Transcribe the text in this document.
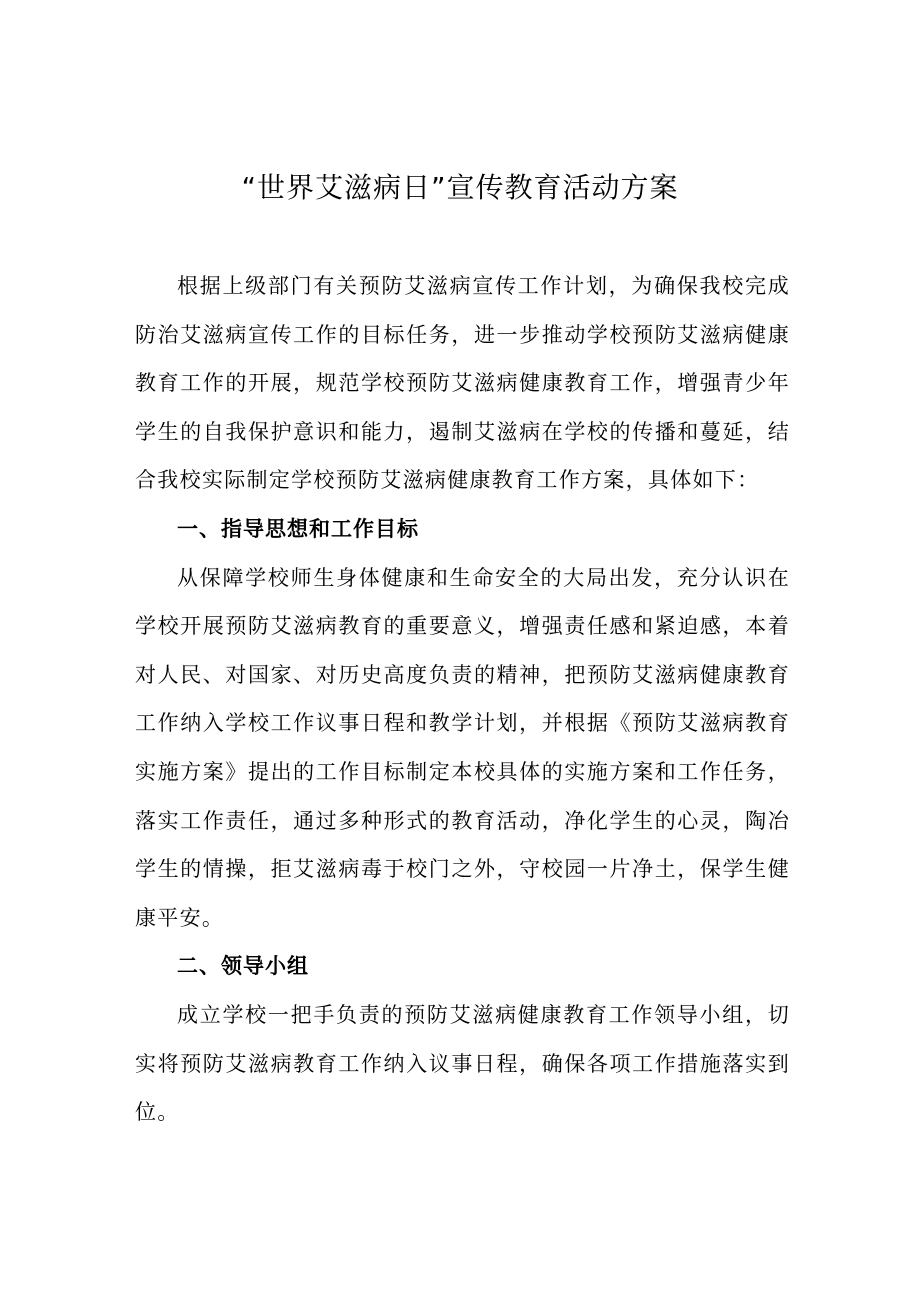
“世界艾滋病日”宣传教育活动方案

根据上级部门有关预防艾滋病宣传工作计划，为确保我校完成防治艾滋病宣传工作的目标任务，进一步推动学校预防艾滋病健康教育工作的开展，规范学校预防艾滋病健康教育工作，增强青少年学生的自我保护意识和能力，遏制艾滋病在学校的传播和蔓延，结合我校实际制定学校预防艾滋病健康教育工作方案，具体如下：

一、指导思想和工作目标

从保障学校师生身体健康和生命安全的大局出发，充分认识在学校开展预防艾滋病教育的重要意义，增强责任感和紧迫感，本着对人民、对国家、对历史高度负责的精神，把预防艾滋病健康教育工作纳入学校工作议事日程和教学计划，并根据《预防艾滋病教育实施方案》提出的工作目标制定本校具体的实施方案和工作任务，落实工作责任，通过多种形式的教育活动，净化学生的心灵，陶冶学生的情操，拒艾滋病毒于校门之外，守校园一片净土，保学生健康平安。

二、领导小组

成立学校一把手负责的预防艾滋病健康教育工作领导小组，切实将预防艾滋病教育工作纳入议事日程，确保各项工作措施落实到位。
